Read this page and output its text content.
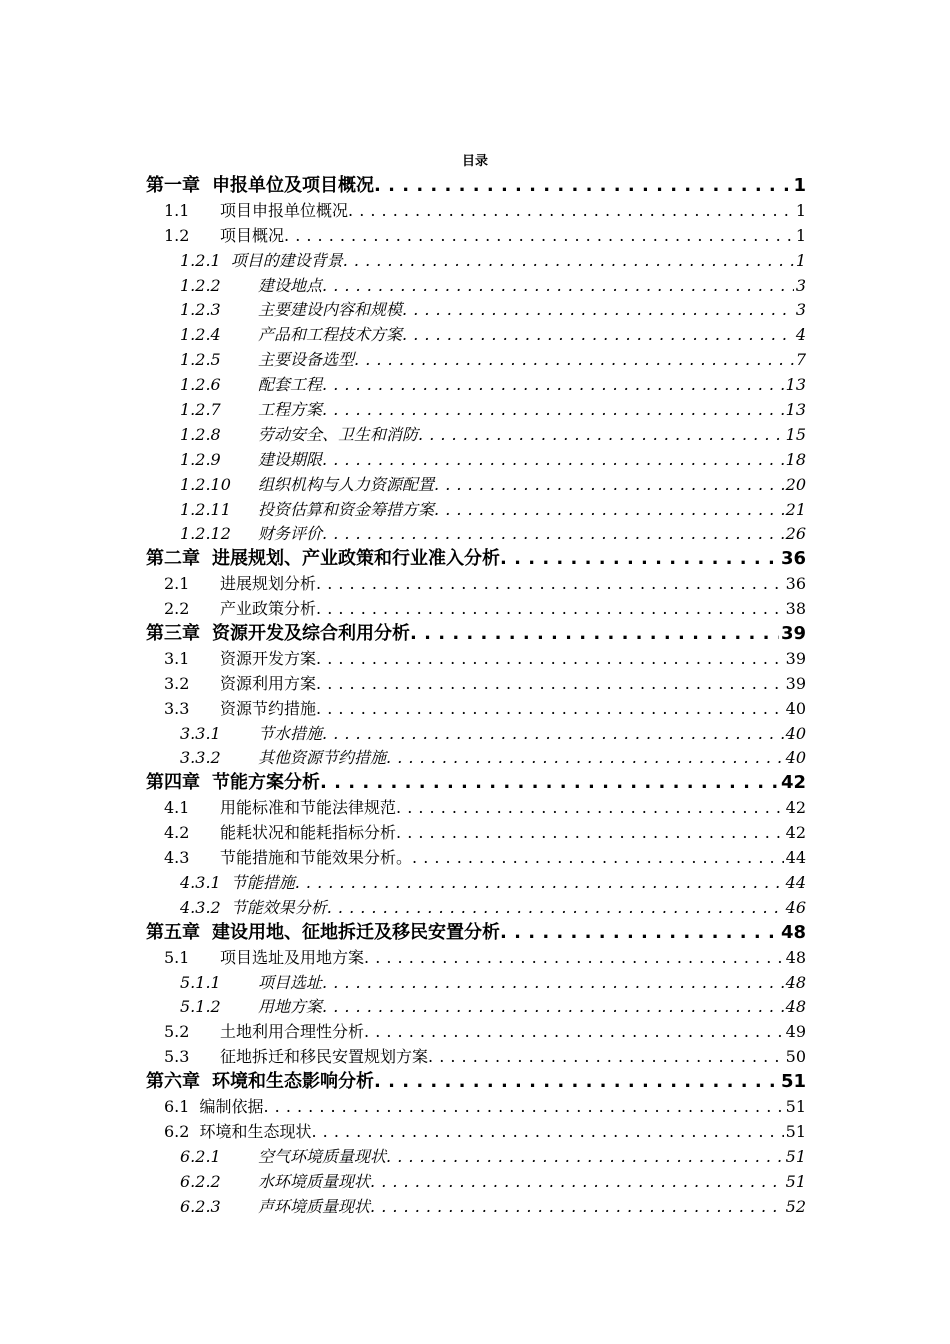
目录
第一章 申报单位及项目概况 . . .	1
1.1 项目申报单位概况 . . .	1
1.2 项目概况 . . .	1
1.2.1 项目的建设背景 . . .	1
1.2.2 建设地点 . . .	3
1.2.3 主要建设内容和规模 . . .	3
1.2.4 产品和工程技术方案 . . .	4
1.2.5 主要设备选型 . . .	7
1.2.6 配套工程 . . .	13
1.2.7 工程方案 . . .	13
1.2.8 劳动安全、卫生和消防 . . .	15
1.2.9 建设期限 . . .	18
1.2.10 组织机构与人力资源配置 . . .	20
1.2.11 投资估算和资金筹措方案 . . .	21
1.2.12 财务评价 . . .	26
第二章 进展规划、产业政策和行业准入分析 . . .	36
2.1 进展规划分析 . . .	36
2.2 产业政策分析 . . .	38
第三章 资源开发及综合利用分析 . . .	39
3.1 资源开发方案 . . .	39
3.2 资源利用方案 . . .	39
3.3 资源节约措施 . . .	40
3.3.1 节水措施 . . .	40
3.3.2 其他资源节约措施 . . .	40
第四章 节能方案分析 . . .	42
4.1 用能标准和节能法律规范 . . .	42
4.2 能耗状况和能耗指标分析 . . .	42
4.3 节能措施和节能效果分析。 . . .	44
4.3.1 节能措施 . . .	44
4.3.2 节能效果分析 . . .	46
第五章 建设用地、征地拆迁及移民安置分析 . . .	48
5.1 项目选址及用地方案 . . .	48
5.1.1 项目选址 . . .	48
5.1.2 用地方案 . . .	48
5.2 土地利用合理性分析 . . .	49
5.3 征地拆迁和移民安置规划方案 . . .	50
第六章 环境和生态影响分析 . . .	51
6.1 编制依据 . . .	51
6.2 环境和生态现状 . . .	51
6.2.1 空气环境质量现状 . . .	51
6.2.2 水环境质量现状 . . .	51
6.2.3 声环境质量现状 . . .	52
